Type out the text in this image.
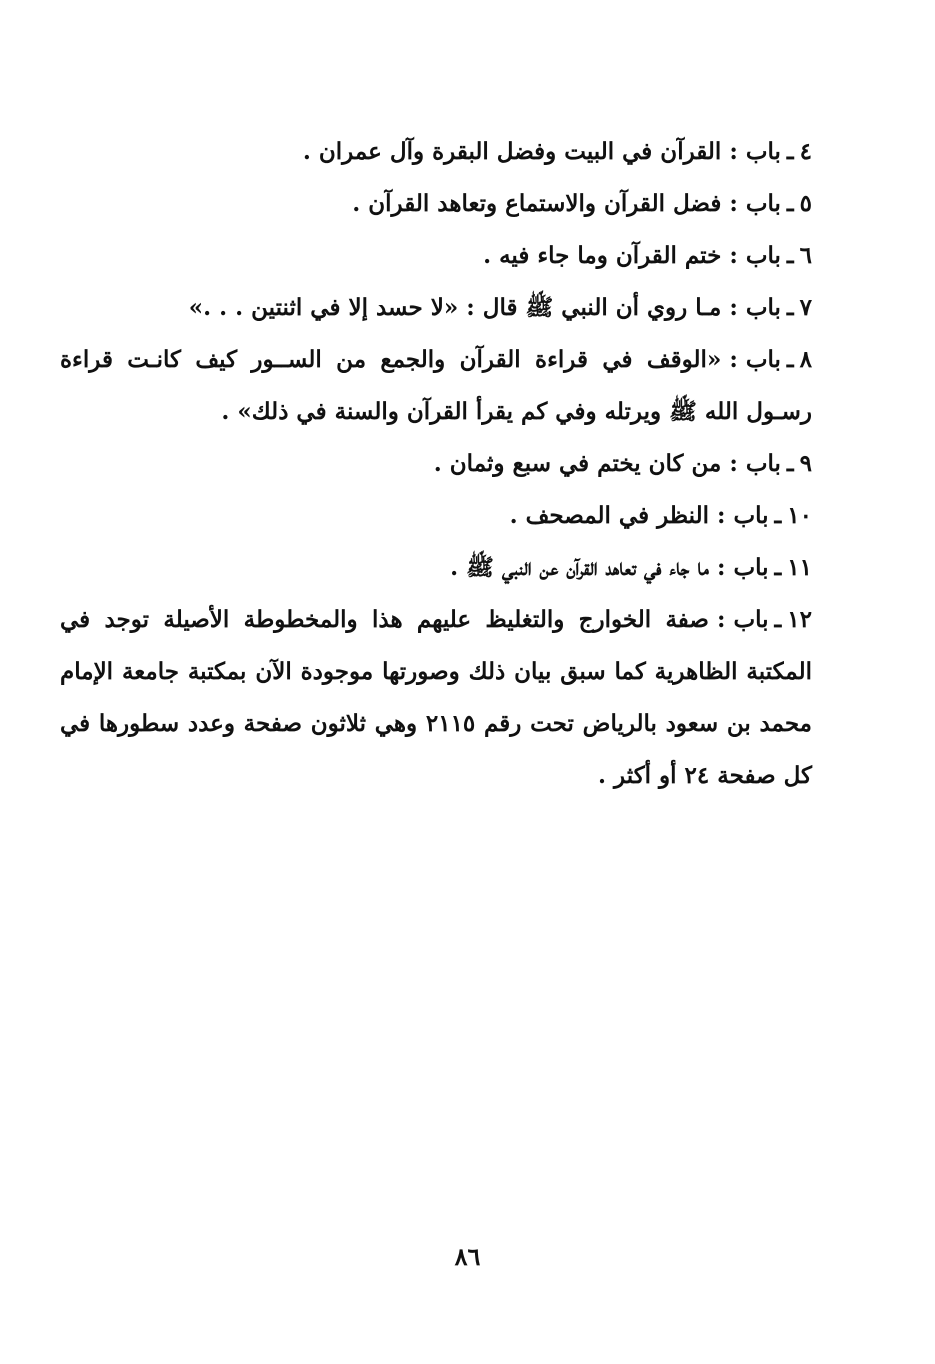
٤ـباب :القرآن في البيت وفضل البقرة وآل عمران .

٥ـباب :فضل القرآن والاستماع وتعاهد القرآن .

٦ـباب :ختم القرآن وما جاء فيه .

٧ـباب :مـا روي أن النبي ﷺ قال : «لا حسد إلا في اثنتين . . .»

٨ـباب :«الوقف في قراءة القرآن والجمع من الســور كيف كانـت قراءة رسـول الله ﷺ ويرتله وفي كم يقرأ القرآن والسنة في ذلك» .

٩ـباب :من كان يختم في سبع وثمان .

١٠ـباب :النظر في المصحف .

١١ـباب :ما جاء في تعاهد القرآن عن النبي ﷺ .

١٢ـباب :صفة الخوارج والتغليظ عليهم هذا والمخطوطة الأصيلة توجد في المكتبة الظاهرية كما سبق بيان ذلك وصورتها موجودة الآن بمكتبة جامعة الإمام محمد بن سعود بالرياض تحت رقم ٢١١٥ وهي ثلاثون صفحة وعدد سطورها في كل صفحة ٢٤ أو أكثر .

٨٦
